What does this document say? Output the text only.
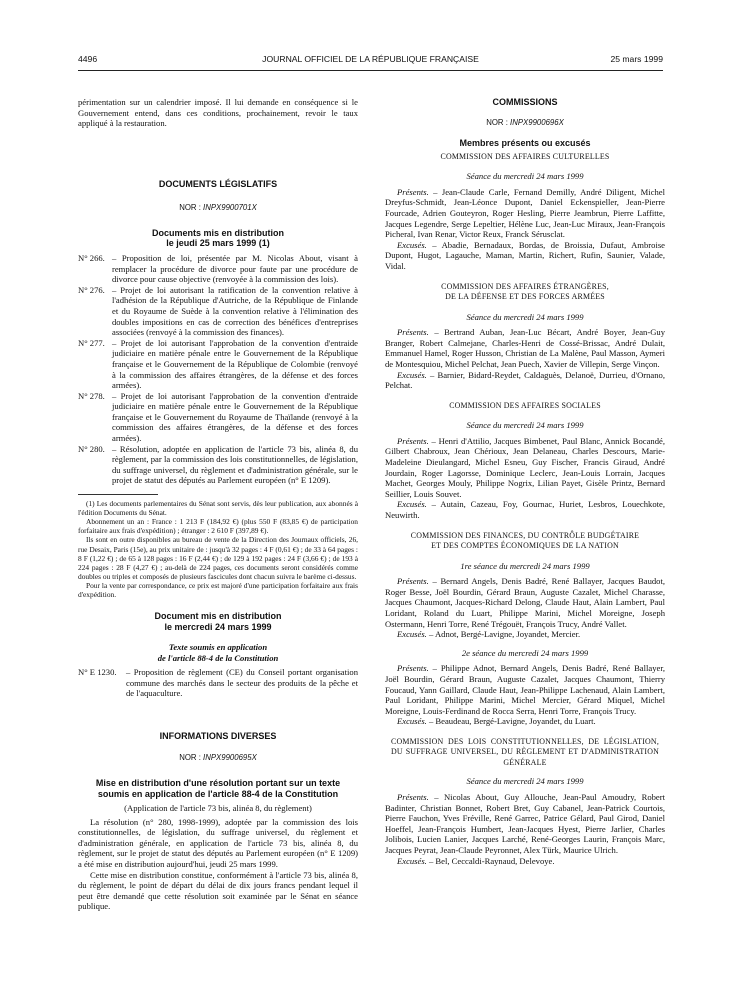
4496	JOURNAL OFFICIEL DE LA RÉPUBLIQUE FRANÇAISE	25 mars 1999

périmentation sur un calendrier imposé. Il lui demande en conséquence si le Gouvernement entend, dans ces conditions, prochainement, revoir le taux appliqué à la restauration.

DOCUMENTS LÉGISLATIFS

NOR : INPX9900701X

Documents mis en distribution

le jeudi 25 mars 1999 (1)

N° 266. – Proposition de loi, présentée par M. Nicolas About, visant à remplacer la procédure de divorce pour faute par une procédure de divorce pour cause objective (renvoyée à la commission des lois).
N° 276. – Projet de loi autorisant la ratification de la convention relative à l'adhésion de la République d'Autriche, de la République de Finlande et du Royaume de Suède à la convention relative à l'élimination des doubles impositions en cas de correction des bénéfices d'entreprises associées (renvoyé à la commission des finances).
N° 277. – Projet de loi autorisant l'approbation de la convention d'entraide judiciaire en matière pénale entre le Gouvernement de la République française et le Gouvernement de la République de Colombie (renvoyé à la commission des affaires étrangères, de la défense et des forces armées).
N° 278. – Projet de loi autorisant l'approbation de la convention d'entraide judiciaire en matière pénale entre le Gouvernement de la République française et le Gouvernement du Royaume de Thaïlande (renvoyé à la commission des affaires étrangères, de la défense et des forces armées).
N° 280. – Résolution, adoptée en application de l'article 73 bis, alinéa 8, du règlement, par la commission des lois constitutionnelles, de législation, du suffrage universel, du règlement et d'administration générale, sur le projet de statut des députés au Parlement européen (n° E 1209).

(1) Les documents parlementaires du Sénat sont servis, dès leur publication, aux abonnés à l'édition Documents du Sénat.

Abonnement un an : France : 1 213 F (184,92 €) (plus 550 F (83,85 €) de participation forfaitaire aux frais d'expédition) ; étranger : 2 610 F (397,89 €).

Ils sont en outre disponibles au bureau de vente de la Direction des Journaux officiels, 26, rue Desaix, Paris (15e), au prix unitaire de : jusqu'à 32 pages : 4 F (0,61 €) ; de 33 à 64 pages : 8 F (1,22 €) ; de 65 à 128 pages : 16 F (2,44 €) ; de 129 à 192 pages : 24 F (3,66 €) ; de 193 à 224 pages : 28 F (4,27 €) ; au-delà de 224 pages, ces documents seront considérés comme doubles ou triples et composés de plusieurs fascicules dont chacun suivra le barème ci-dessus.

Pour la vente par correspondance, ce prix est majoré d'une participation forfaitaire aux frais d'expédition.

Document mis en distribution

le mercredi 24 mars 1999

Texte soumis en application

de l'article 88-4 de la Constitution

N° E 1230.	– Proposition de règlement (CE) du Conseil portant organisation commune des marchés dans le secteur des produits de la pêche et de l'aquaculture.

INFORMATIONS DIVERSES

NOR : INPX9900695X

Mise en distribution d'une résolution portant sur un texte

soumis en application de l'article 88-4 de la Constitution

(Application de l'article 73 bis, alinéa 8, du règlement)

La résolution (n° 280, 1998-1999), adoptée par la commission des lois constitutionnelles, de législation, du suffrage universel, du règlement et d'administration générale, en application de l'article 73 bis, alinéa 8, du règlement, sur le projet de statut des députés au Parlement européen (n° E 1209) a été mise en distribution aujourd'hui, jeudi 25 mars 1999.

Cette mise en distribution constitue, conformément à l'article 73 bis, alinéa 8, du règlement, le point de départ du délai de dix jours francs pendant lequel il peut être demandé que cette résolution soit examinée par le Sénat en séance publique.

COMMISSIONS

NOR : INPX9900696X

Membres présents ou excusés

COMMISSION DES AFFAIRES CULTURELLES

Séance du mercredi 24 mars 1999

Présents. – Jean-Claude Carle, Fernand Demilly, André Diligent, Michel Dreyfus-Schmidt, Jean-Léonce Dupont, Daniel Eckenspieller, Jean-Pierre Fourcade, Adrien Gouteyron, Roger Hesling, Pierre Jeambrun, Pierre Laffitte, Jacques Legendre, Serge Lepeltier, Hélène Luc, Jean-Luc Miraux, Jean-François Picheral, Ivan Renar, Victor Reux, Franck Sérusclat.

Excusés. – Abadie, Bernadaux, Bordas, de Broissia, Dufaut, Ambroise Dupont, Hugot, Lagauche, Maman, Martin, Richert, Rufin, Saunier, Valade, Vidal.

COMMISSION DES AFFAIRES ÉTRANGÈRES,

DE LA DÉFENSE ET DES FORCES ARMÉES

Séance du mercredi 24 mars 1999

Présents. – Bertrand Auban, Jean-Luc Bécart, André Boyer, Jean-Guy Branger, Robert Calmejane, Charles-Henri de Cossé-Brissac, André Dulait, Emmanuel Hamel, Roger Husson, Christian de La Malène, Paul Masson, Aymeri de Montesquiou, Michel Pelchat, Jean Puech, Xavier de Villepin, Serge Vinçon.

Excusés. – Barnier, Bidard-Reydet, Caldaguès, Delanoë, Durrieu, d'Ornano, Pelchat.

COMMISSION DES AFFAIRES SOCIALES

Séance du mercredi 24 mars 1999

Présents. – Henri d'Attilio, Jacques Bimbenet, Paul Blanc, Annick Bocandé, Gilbert Chabroux, Jean Chérioux, Jean Delaneau, Charles Descours, Marie-Madeleine Dieulangard, Michel Esneu, Guy Fischer, Francis Giraud, André Jourdain, Roger Lagorsse, Dominique Leclerc, Jean-Louis Lorrain, Jacques Machet, Georges Mouly, Philippe Nogrix, Lilian Payet, Gisèle Printz, Bernard Seillier, Louis Souvet.

Excusés. – Autain, Cazeau, Foy, Gournac, Huriet, Lesbros, Louechkote, Neuwirth.

COMMISSION DES FINANCES, DU CONTRÔLE BUDGÉTAIRE

ET DES COMPTES ÉCONOMIQUES DE LA NATION

1re séance du mercredi 24 mars 1999

Présents. – Bernard Angels, Denis Badré, René Ballayer, Jacques Baudot, Roger Besse, Joël Bourdin, Gérard Braun, Auguste Cazalet, Michel Charasse, Jacques Chaumont, Jacques-Richard Delong, Claude Haut, Alain Lambert, Paul Loridant, Roland du Luart, Philippe Marini, Michel Moreigne, Joseph Ostermann, Henri Torre, René Trégouët, François Trucy, André Vallet.

Excusés. – Adnot, Bergé-Lavigne, Joyandet, Mercier.

2e séance du mercredi 24 mars 1999

Présents. – Philippe Adnot, Bernard Angels, Denis Badré, René Ballayer, Joël Bourdin, Gérard Braun, Auguste Cazalet, Jacques Chaumont, Thierry Foucaud, Yann Gaillard, Claude Haut, Jean-Philippe Lachenaud, Alain Lambert, Paul Loridant, Philippe Marini, Michel Mercier, Gérard Miquel, Michel Moreigne, Louis-Ferdinand de Rocca Serra, Henri Torre, François Trucy.

Excusés. – Beaudeau, Bergé-Lavigne, Joyandet, du Luart.

COMMISSION DES LOIS CONSTITUTIONNELLES, DE LÉGISLATION, DU SUFFRAGE UNIVERSEL, DU RÈGLEMENT ET D'ADMINISTRATION GÉNÉRALE

Séance du mercredi 24 mars 1999

Présents. – Nicolas About, Guy Allouche, Jean-Paul Amoudry, Robert Badinter, Christian Bonnet, Robert Bret, Guy Cabanel, Jean-Patrick Courtois, Pierre Fauchon, Yves Fréville, René Garrec, Patrice Gélard, Paul Girod, Daniel Hoeffel, Jean-François Humbert, Jean-Jacques Hyest, Pierre Jarlier, Charles Jolibois, Lucien Lanier, Jacques Larché, René-Georges Laurin, François Marc, Jacques Peyrat, Jean-Claude Peyronnet, Alex Türk, Maurice Ulrich.

Excusés. – Bel, Ceccaldi-Raynaud, Delevoye.
